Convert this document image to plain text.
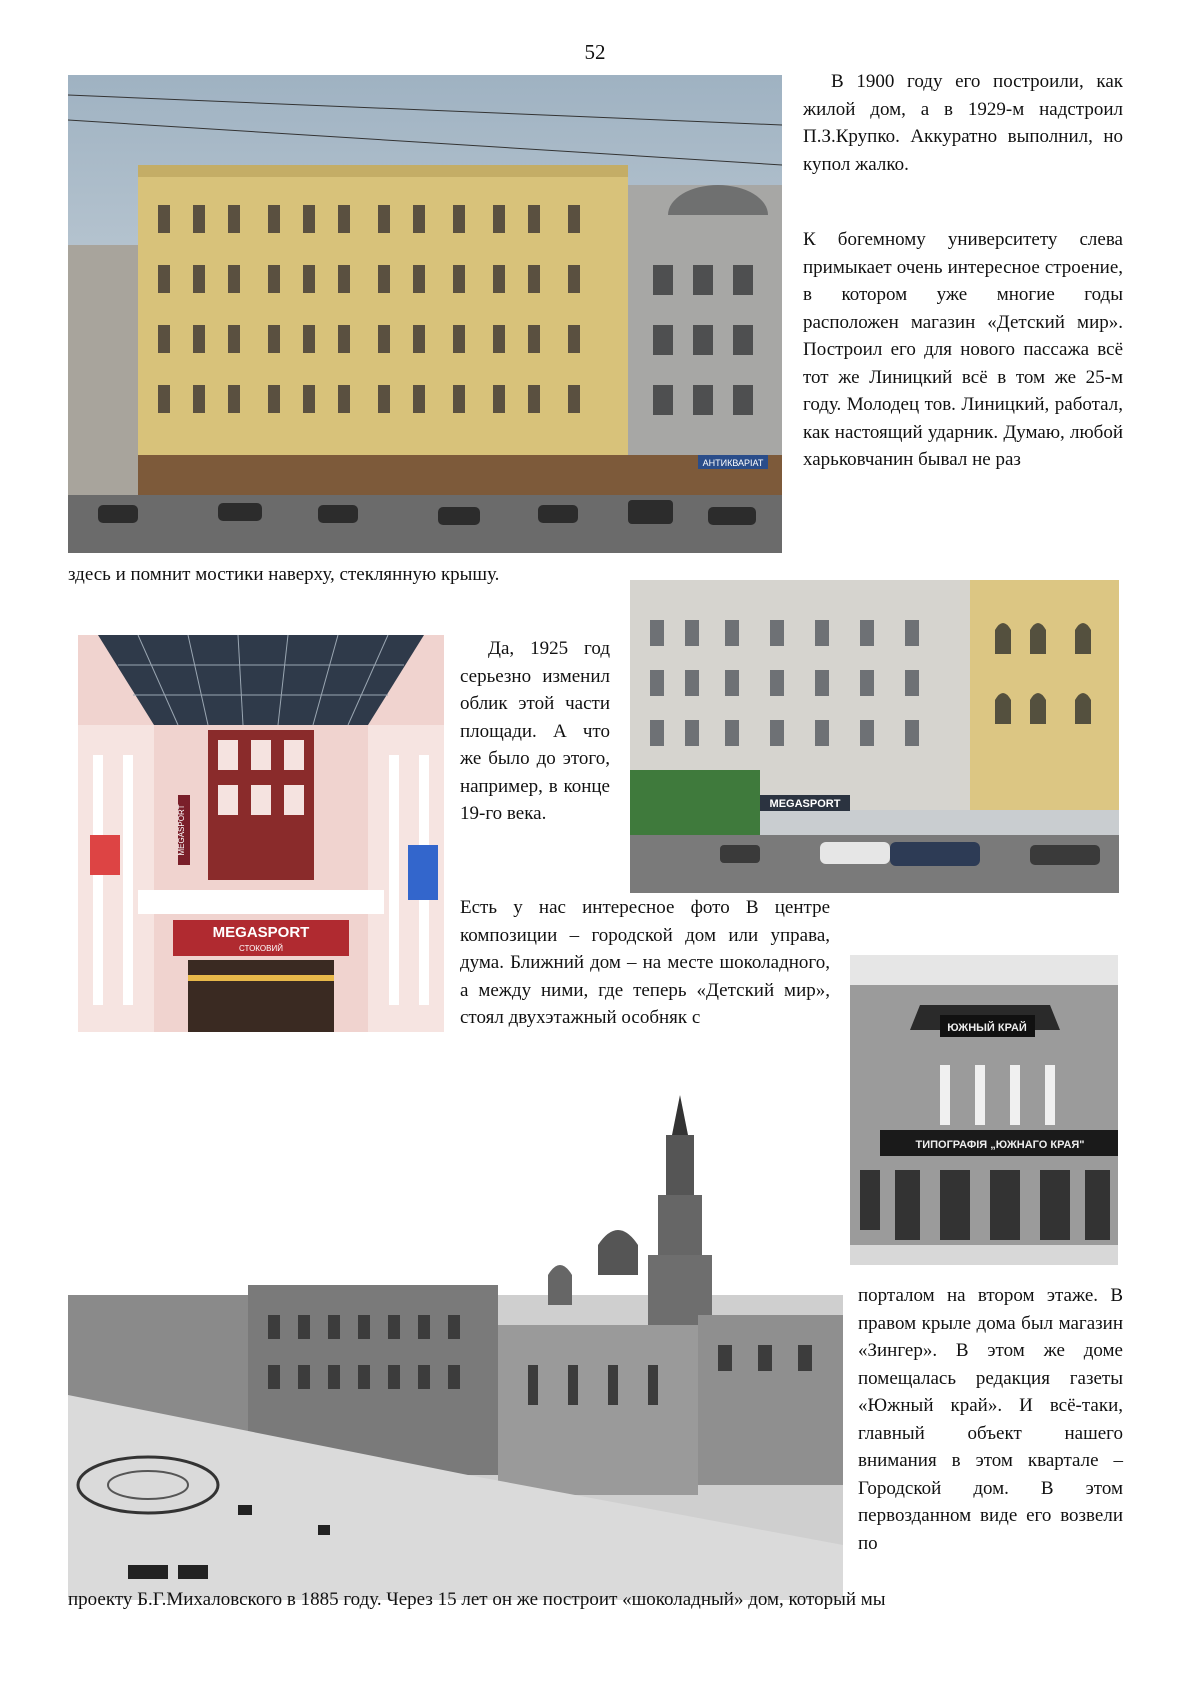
52
АНТИКВАРІАТ

В 1900 году его построили, как жилой дом, а в 1929-м надстроил П.З.Крупко. Аккуратно выполнил, но купол жалко.

К богемному университету слева примыкает очень интересное строение, в котором уже многие годы расположен магазин «Детский мир». Построил его для нового пассажа всё тот же Линицкий всё в том же 25-м году. Молодец тов. Линицкий, работал, как настоящий ударник. Думаю, любой харьковчанин бывал не раз

здесь и помнит мостики наверху, стеклянную крышу.

MEGASPORT
MEGASPORT
MEGASPORT
СТОКОВИЙ

Да, 1925 год серьезно изменил облик этой части площади. А что же было до этого, например, в конце 19-го века.

Есть у нас интересное фото В центре композиции – городской дом или управа, дума. Ближний дом – на месте шоколадного, а между ними, где теперь «Детский мир», стоял двухэтажный особняк с	ЮЖНЫЙ КРАЙ
ТИПОГРАФІЯ „ЮЖНАГО КРАЯ"

порталом на втором этаже. В правом крыле дома был магазин «Зингер». В этом же доме помещалась редакция газеты «Южный край». И всё-таки, главный объект нашего внимания в этом квартале – Городской дом. В этом первозданном виде его возвели по

проекту Б.Г.Михаловского в 1885 году. Через 15 лет он же построит «шоколадный» дом, который мы
